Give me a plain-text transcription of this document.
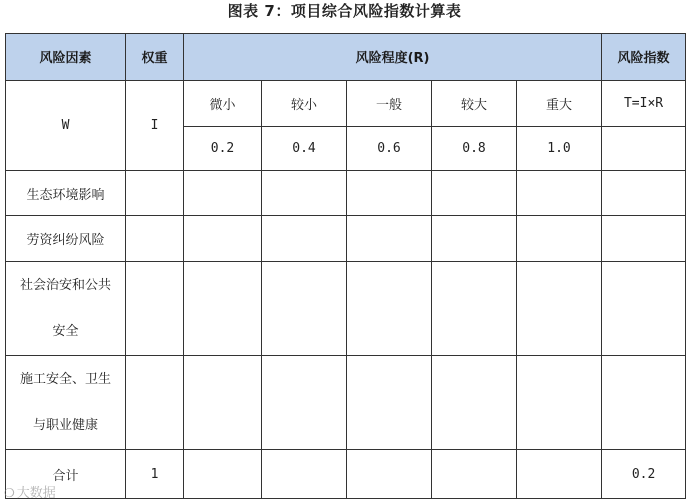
图表 7：项目综合风险指数计算表
风险因素	权重	风险程度(R)					风险指数
W	I	微小	较小	一般	较大	重大	T=I×R
		0.2	0.4	0.6	0.8	1.0	
生态环境影响							
劳资纠纷风险							

社会治安和公共
安全							

施工安全、卫生
与职业健康							

合计	1						0.2
❍ 大数据
